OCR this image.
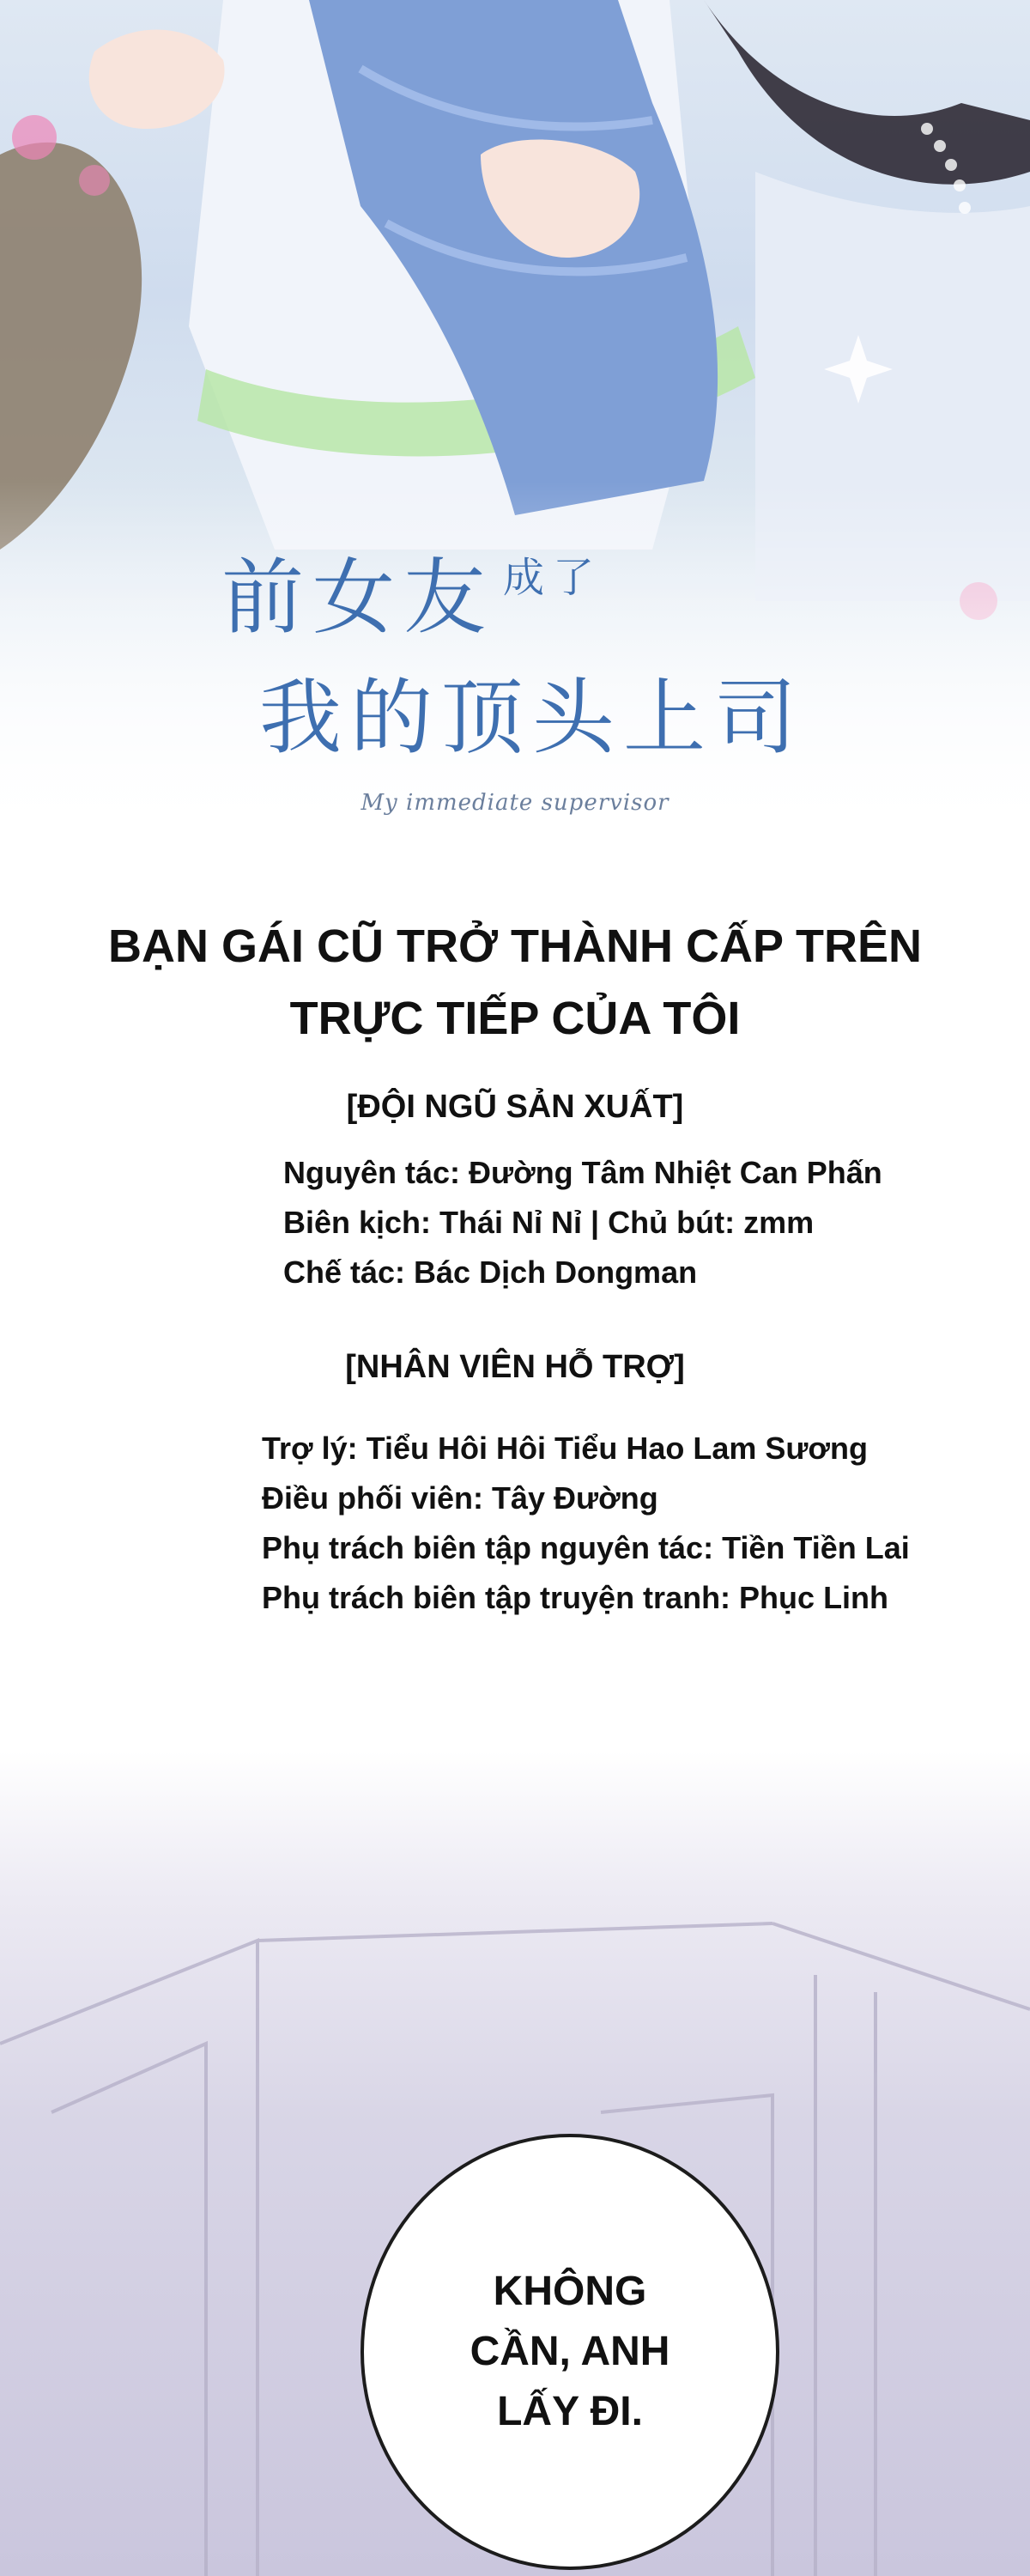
前女友 $^{成了}$
我的顶头上司
My immediate supervisor
BẠN GÁI CŨ TRỞ THÀNH CẤP TRÊN
TRỰC TIẾP CỦA TÔI
[ĐỘI NGŨ SẢN XUẤT]
Nguyên tác: Đường Tâm Nhiệt Can Phấn
Biên kịch: Thái Nỉ Nỉ | Chủ bút: zmm
Chế tác: Bác Dịch Dongman
[NHÂN VIÊN HỖ TRỢ]
Trợ lý: Tiểu Hôi Hôi Tiểu Hao Lam Sương
Điều phối viên: Tây Đường
Phụ trách biên tập nguyên tác: Tiền Tiền Lai
Phụ trách biên tập truyện tranh: Phục Linh
KHÔNG
CẦN, ANH
LẤY ĐI.
